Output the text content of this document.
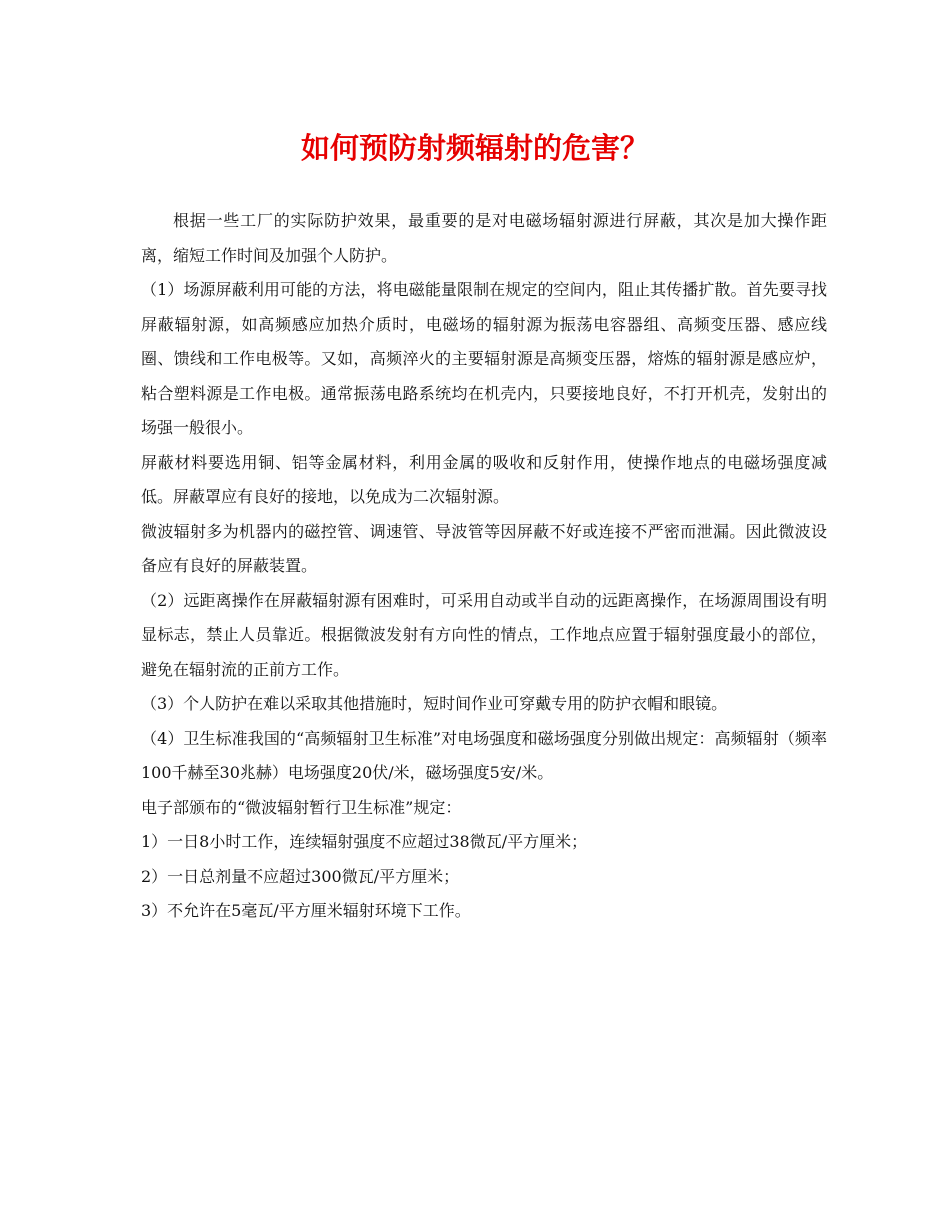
如何预防射频辐射的危害？

根据一些工厂的实际防护效果，最重要的是对电磁场辐射源进行屏蔽，其次是加大操作距离，缩短工作时间及加强个人防护。

（1）场源屏蔽利用可能的方法，将电磁能量限制在规定的空间内，阻止其传播扩散。首先要寻找屏蔽辐射源，如高频感应加热介质时，电磁场的辐射源为振荡电容器组、高频变压器、感应线圈、馈线和工作电极等。又如，高频淬火的主要辐射源是高频变压器，熔炼的辐射源是感应炉，粘合塑料源是工作电极。通常振荡电路系统均在机壳内，只要接地良好，不打开机壳，发射出的场强一般很小。

屏蔽材料要选用铜、铝等金属材料，利用金属的吸收和反射作用，使操作地点的电磁场强度减低。屏蔽罩应有良好的接地，以免成为二次辐射源。

微波辐射多为机器内的磁控管、调速管、导波管等因屏蔽不好或连接不严密而泄漏。因此微波设备应有良好的屏蔽装置。

（2）远距离操作在屏蔽辐射源有困难时，可采用自动或半自动的远距离操作，在场源周围设有明显标志，禁止人员靠近。根据微波发射有方向性的情点，工作地点应置于辐射强度最小的部位，避免在辐射流的正前方工作。

（3）个人防护在难以采取其他措施时，短时间作业可穿戴专用的防护衣帽和眼镜。

（4）卫生标准我国的“高频辐射卫生标准”对电场强度和磁场强度分别做出规定：高频辐射（频率100千赫至30兆赫）电场强度20伏/米，磁场强度5安/米。

电子部颁布的“微波辐射暂行卫生标准”规定：

1）一日8小时工作，连续辐射强度不应超过38微瓦/平方厘米；

2）一日总剂量不应超过300微瓦/平方厘米；

3）不允许在5毫瓦/平方厘米辐射环境下工作。
